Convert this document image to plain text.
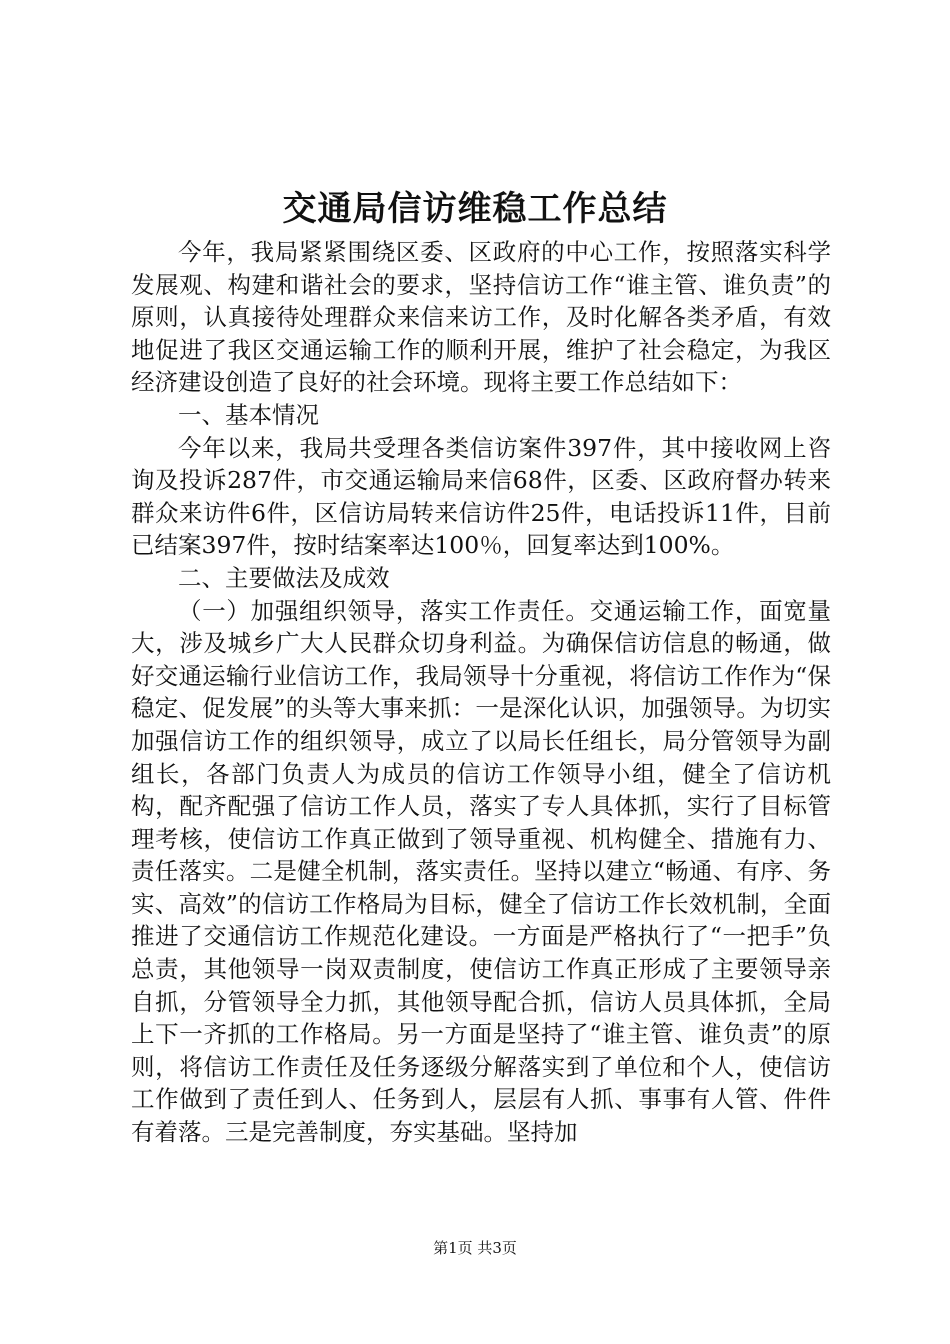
交通局信访维稳工作总结

今年，我局紧紧围绕区委、区政府的中心工作，按照落实科学发展观、构建和谐社会的要求，坚持信访工作“谁主管、谁负责”的原则，认真接待处理群众来信来访工作，及时化解各类矛盾，有效地促进了我区交通运输工作的顺利开展，维护了社会稳定，为我区经济建设创造了良好的社会环境。现将主要工作总结如下：

一、基本情况

今年以来，我局共受理各类信访案件397件，其中接收网上咨询及投诉287件，市交通运输局来信68件，区委、区政府督办转来群众来访件6件，区信访局转来信访件25件，电话投诉11件，目前已结案397件，按时结案率达100％，回复率达到100%。

二、主要做法及成效

（一）加强组织领导，落实工作责任。交通运输工作，面宽量大，涉及城乡广大人民群众切身利益。为确保信访信息的畅通，做好交通运输行业信访工作，我局领导十分重视，将信访工作作为“保稳定、促发展”的头等大事来抓：一是深化认识，加强领导。为切实加强信访工作的组织领导，成立了以局长任组长，局分管领导为副组长，各部门负责人为成员的信访工作领导小组，健全了信访机构，配齐配强了信访工作人员，落实了专人具体抓，实行了目标管理考核，使信访工作真正做到了领导重视、机构健全、措施有力、责任落实。二是健全机制，落实责任。坚持以建立“畅通、有序、务实、高效”的信访工作格局为目标，健全了信访工作长效机制，全面推进了交通信访工作规范化建设。一方面是严格执行了“一把手”负总责，其他领导一岗双责制度，使信访工作真正形成了主要领导亲自抓，分管领导全力抓，其他领导配合抓，信访人员具体抓，全局上下一齐抓的工作格局。另一方面是坚持了“谁主管、谁负责”的原则，将信访工作责任及任务逐级分解落实到了单位和个人，使信访工作做到了责任到人、任务到人，层层有人抓、事事有人管、件件有着落。三是完善制度，夯实基础。坚持加

第1页 共3页
